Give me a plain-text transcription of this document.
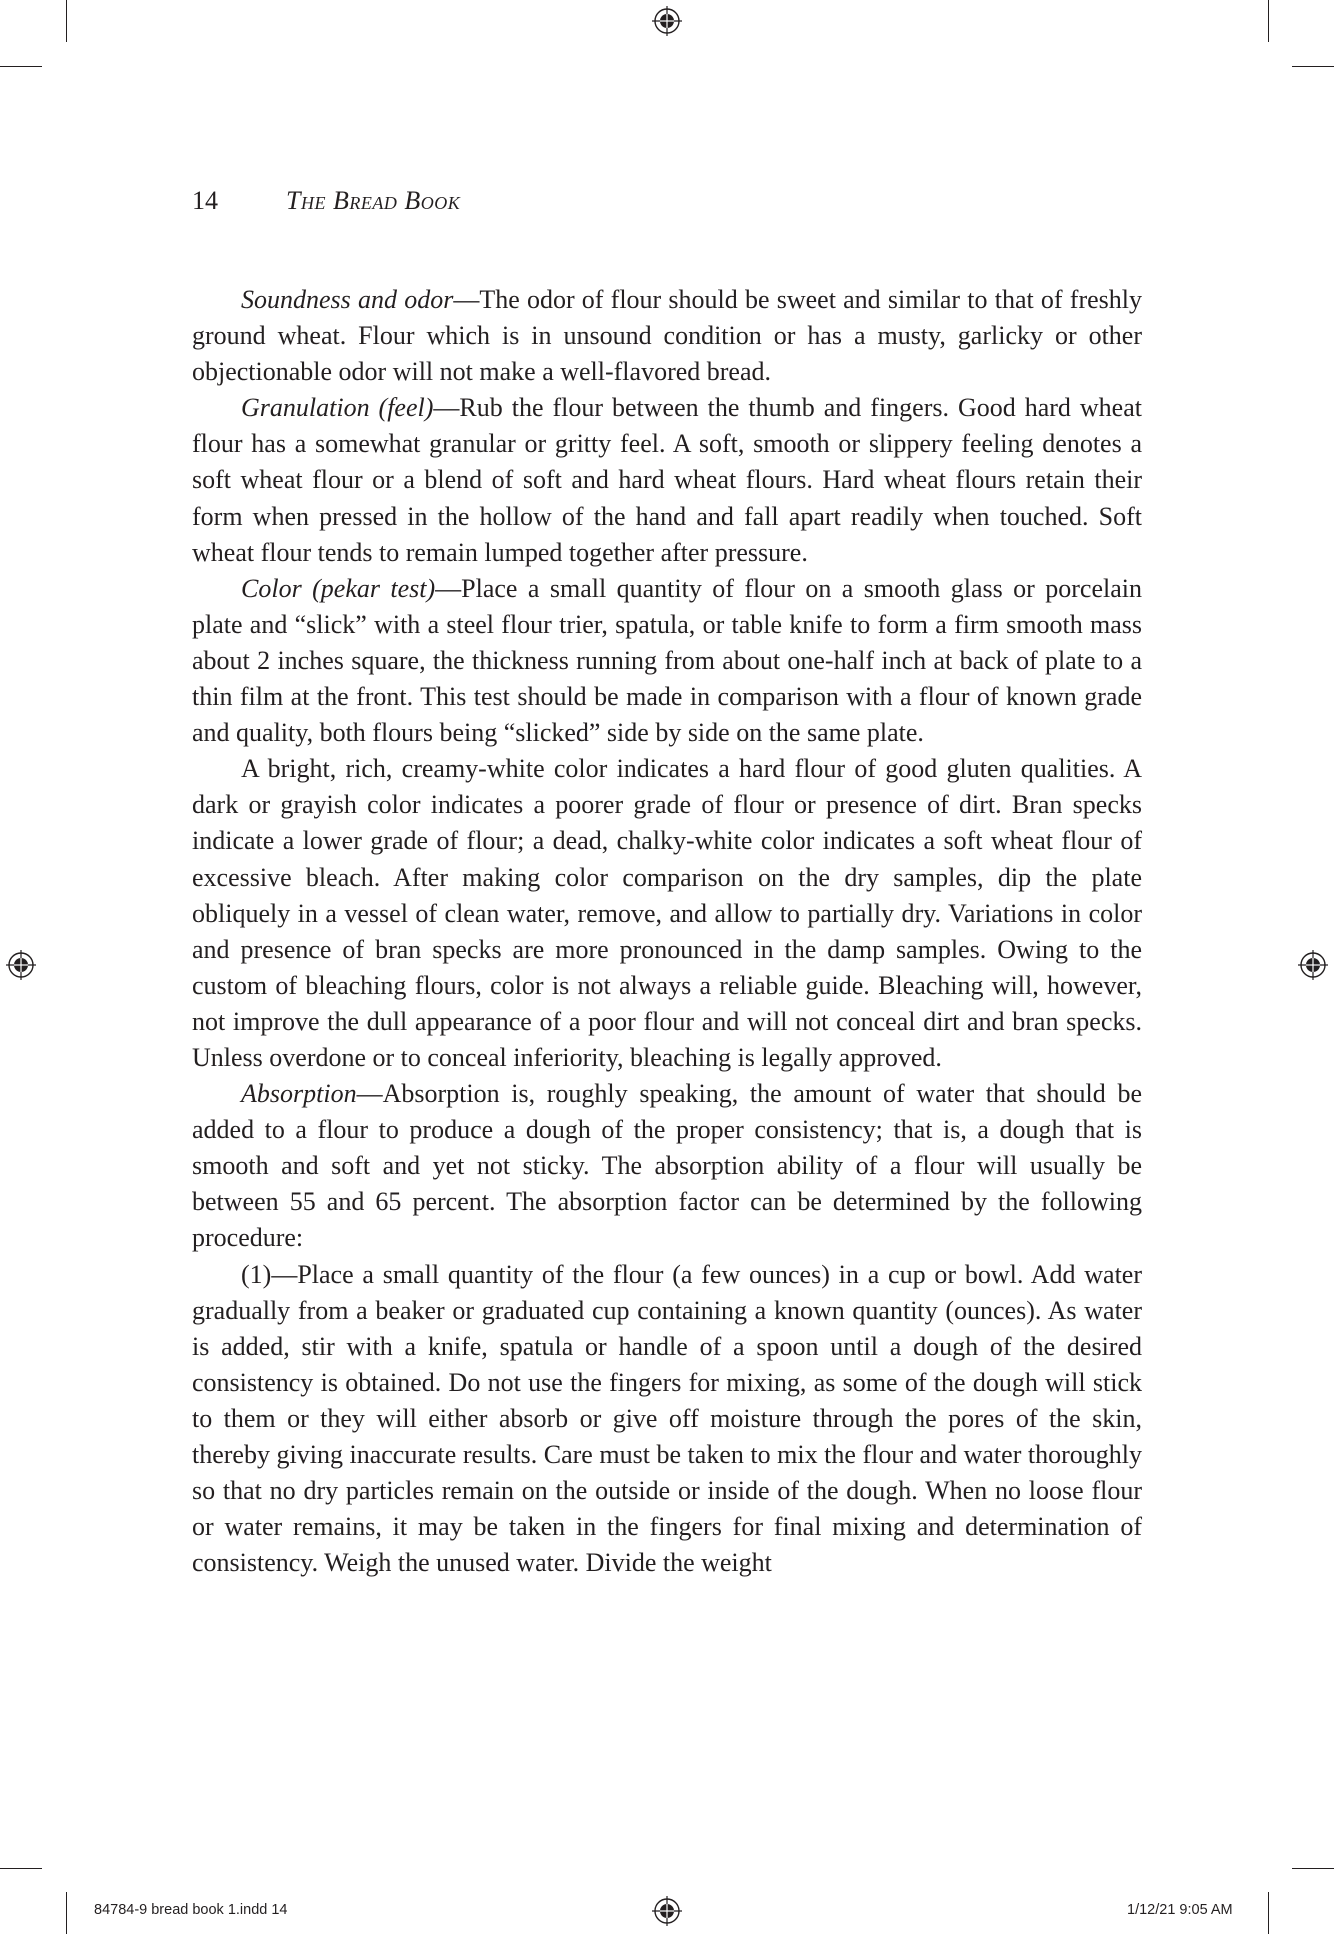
14	The Bread Book

Soundness and odor—The odor of flour should be sweet and similar to that of freshly ground wheat. Flour which is in unsound condition or has a musty, garlicky or other objectionable odor will not make a well-flavored bread.

Granulation (feel)—Rub the flour between the thumb and fingers. Good hard wheat flour has a somewhat granular or gritty feel. A soft, smooth or slippery feeling denotes a soft wheat flour or a blend of soft and hard wheat flours. Hard wheat flours retain their form when pressed in the hollow of the hand and fall apart readily when touched. Soft wheat flour tends to remain lumped together after pressure.

Color (pekar test)—Place a small quantity of flour on a smooth glass or porcelain plate and “slick” with a steel flour trier, spatula, or table knife to form a firm smooth mass about 2 inches square, the thickness running from about one-half inch at back of plate to a thin film at the front. This test should be made in comparison with a flour of known grade and quality, both flours being “slicked” side by side on the same plate.

A bright, rich, creamy-white color indicates a hard flour of good gluten qualities. A dark or grayish color indicates a poorer grade of flour or presence of dirt. Bran specks indicate a lower grade of flour; a dead, chalky-white color indicates a soft wheat flour of excessive bleach. After making color comparison on the dry samples, dip the plate obliquely in a vessel of clean water, remove, and allow to partially dry. Variations in color and presence of bran specks are more pronounced in the damp samples. Owing to the custom of bleaching flours, color is not always a reliable guide. Bleaching will, however, not improve the dull appearance of a poor flour and will not conceal dirt and bran specks. Unless overdone or to conceal inferiority, bleaching is legally approved.

Absorption—Absorption is, roughly speaking, the amount of water that should be added to a flour to produce a dough of the proper consistency; that is, a dough that is smooth and soft and yet not sticky. The absorption ability of a flour will usually be between 55 and 65 percent. The absorption factor can be determined by the following procedure:

(1)—Place a small quantity of the flour (a few ounces) in a cup or bowl. Add water gradually from a beaker or graduated cup containing a known quantity (ounces). As water is added, stir with a knife, spatula or handle of a spoon until a dough of the desired consistency is obtained. Do not use the fingers for mixing, as some of the dough will stick to them or they will either absorb or give off moisture through the pores of the skin, thereby giving inaccurate results. Care must be taken to mix the flour and water thoroughly so that no dry particles remain on the outside or inside of the dough. When no loose flour or water remains, it may be taken in the fingers for final mixing and determination of consistency. Weigh the unused water. Divide the weight

84784-9 bread book 1.indd 14	1/12/21 9:05 AM
